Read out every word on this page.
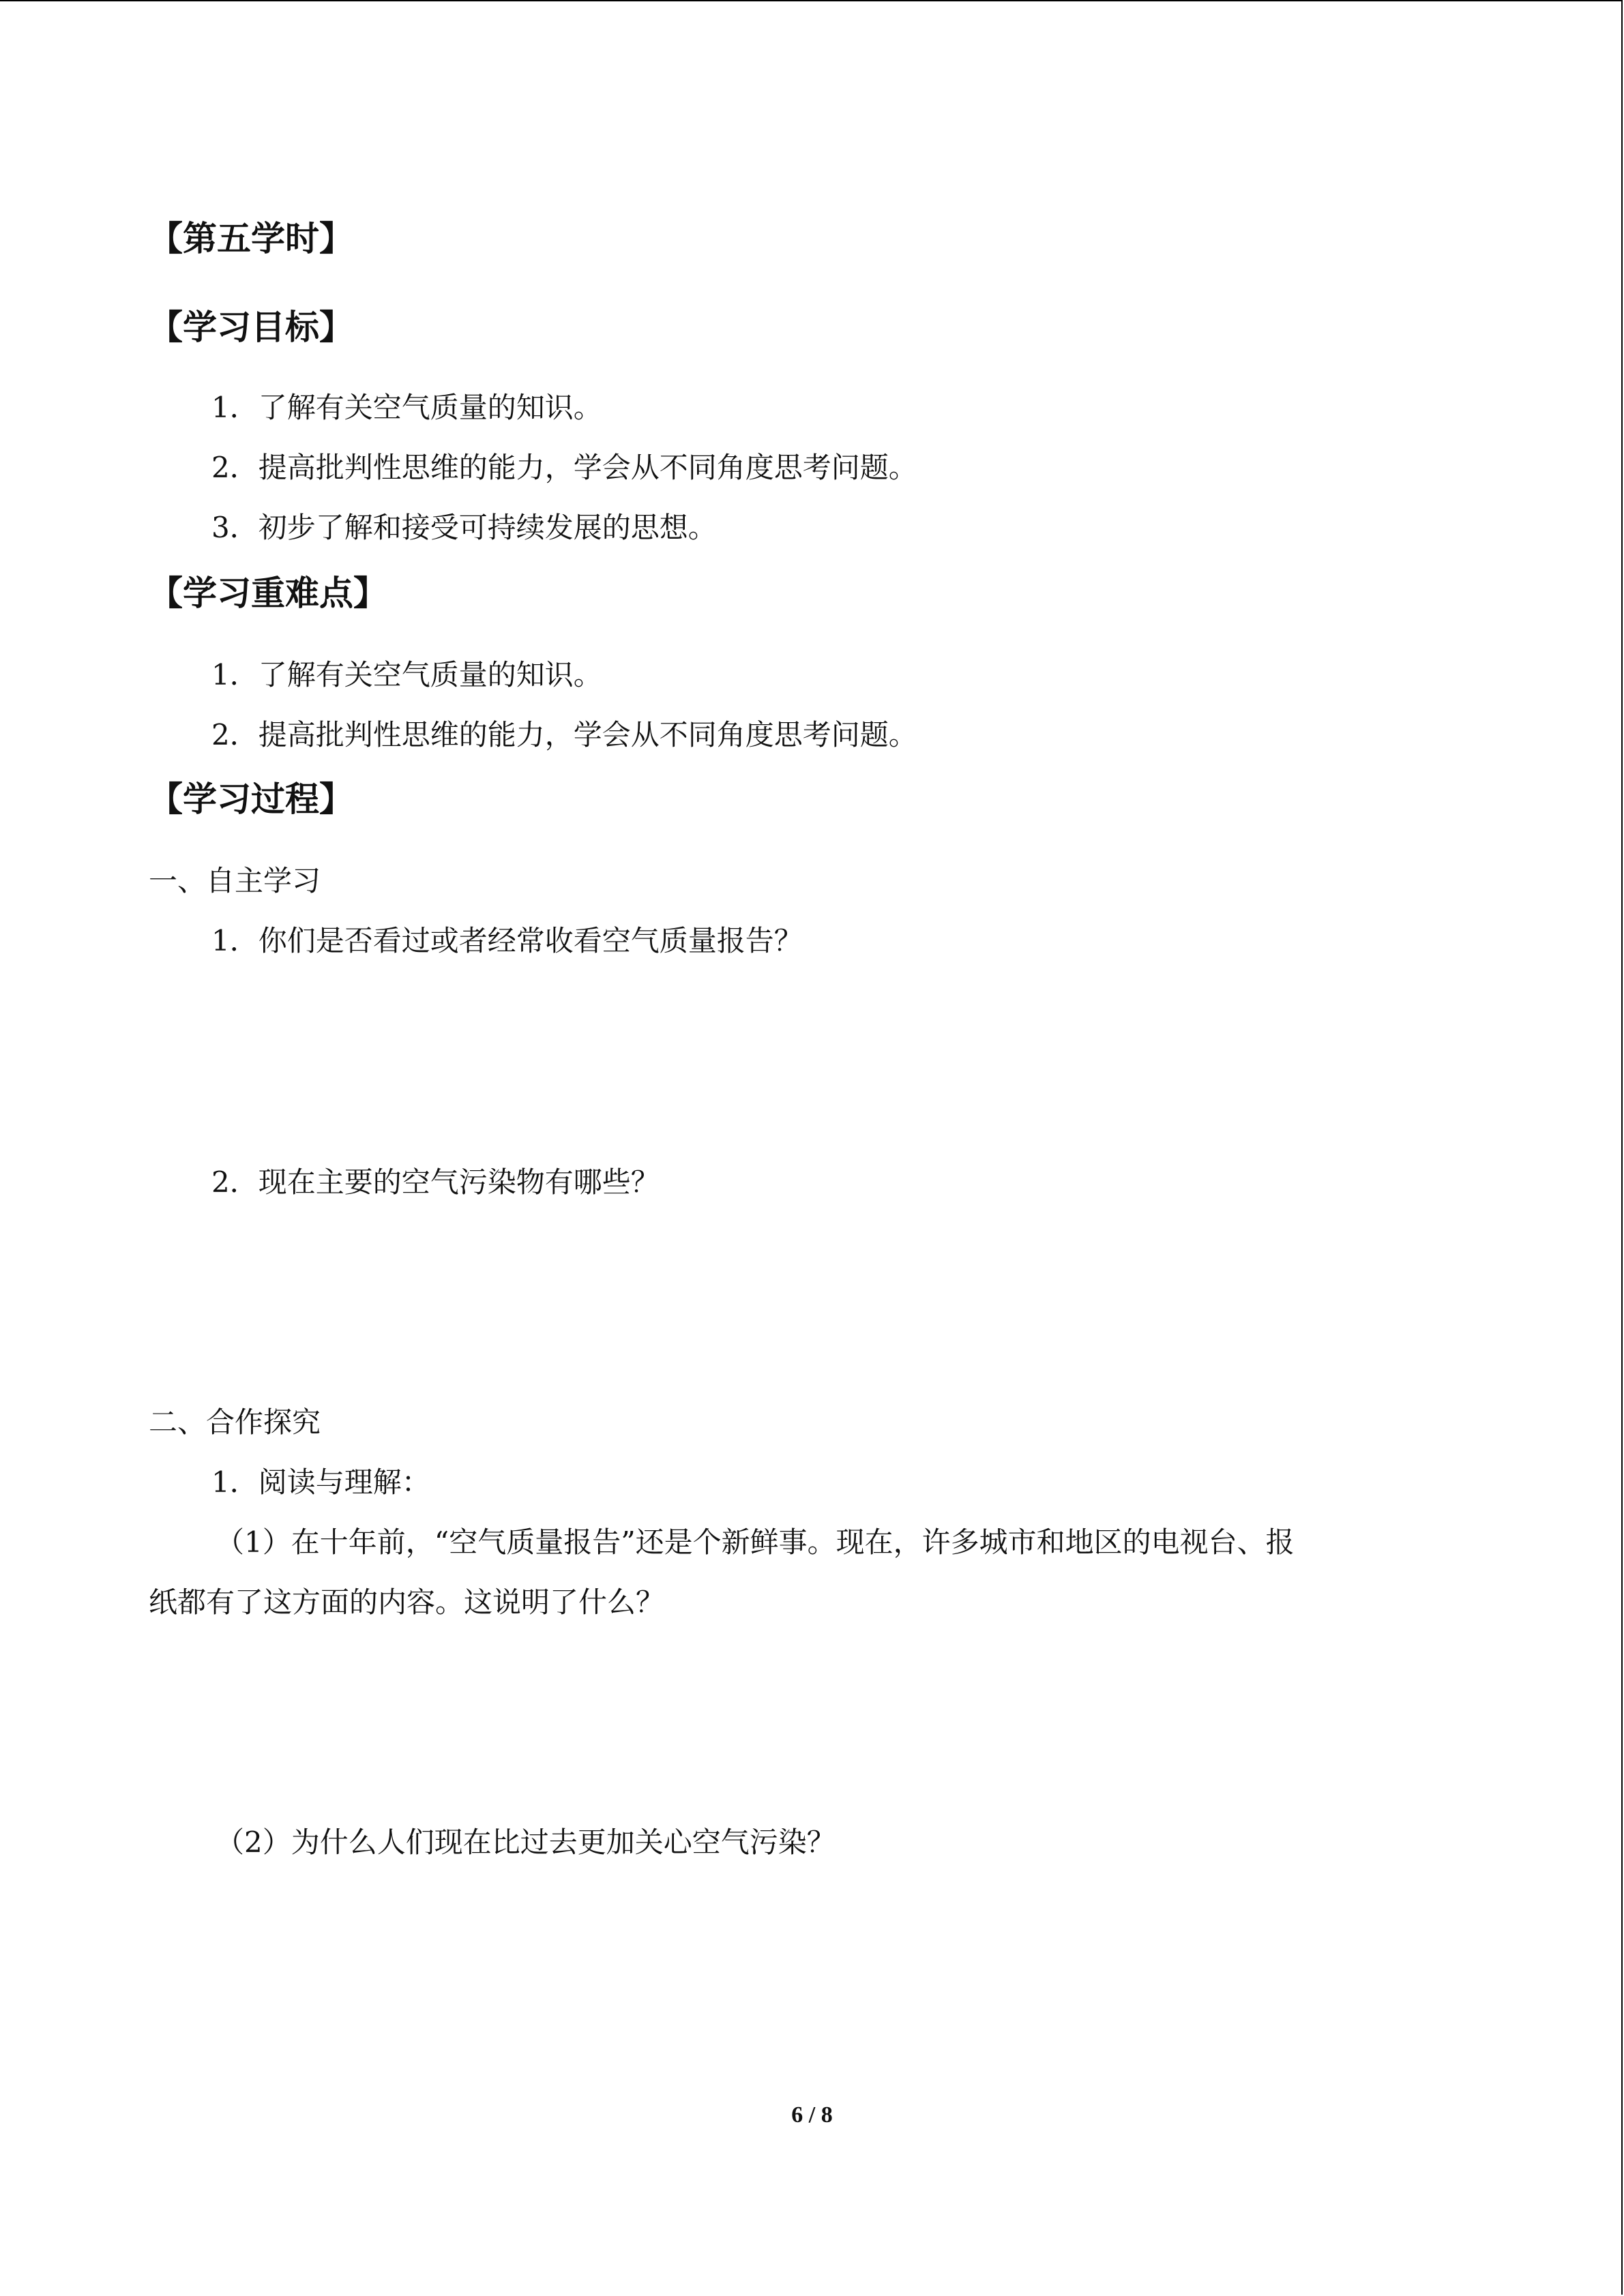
【第五学时】
【学习目标】

1．了解有关空气质量的知识。

2．提高批判性思维的能力，学会从不同角度思考问题。

3．初步了解和接受可持续发展的思想。

【学习重难点】

1．了解有关空气质量的知识。

2．提高批判性思维的能力，学会从不同角度思考问题。

【学习过程】

一、自主学习

1．你们是否看过或者经常收看空气质量报告？

2．现在主要的空气污染物有哪些？

二、合作探究

1．阅读与理解：

（1）在十年前，“空气质量报告”还是个新鲜事。现在，许多城市和地区的电视台、报

纸都有了这方面的内容。这说明了什么？

（2）为什么人们现在比过去更加关心空气污染？

6 / 8
